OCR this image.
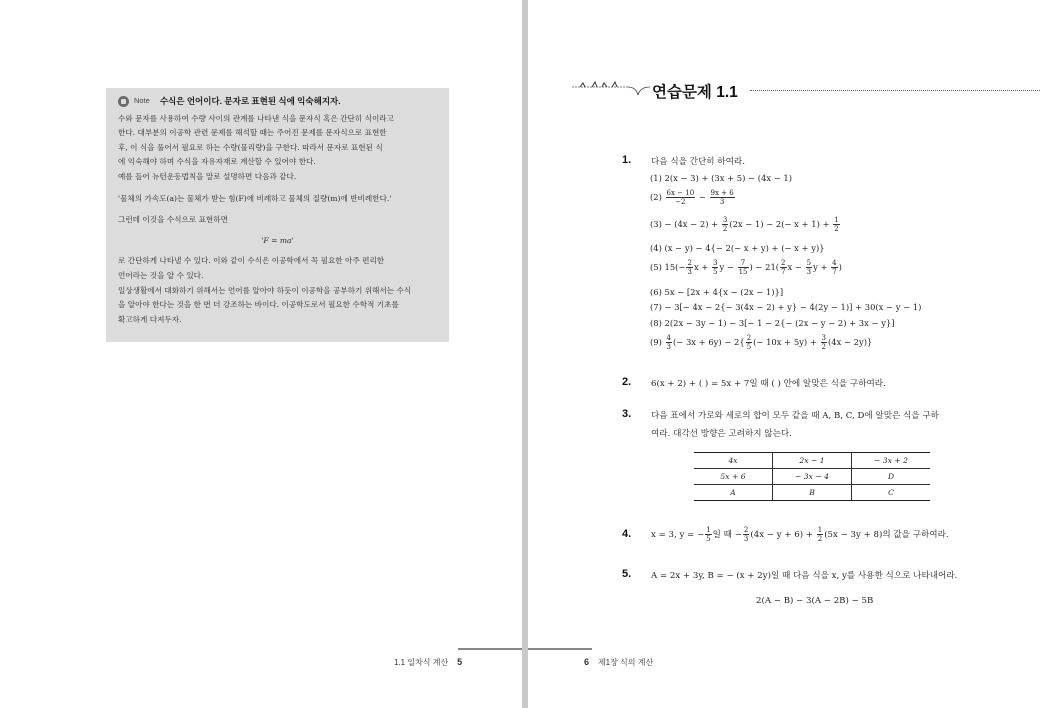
Note 수식은 언어이다. 문자로 표현된 식에 익숙해지자.

수와 문자를 사용하여 수량 사이의 관계를 나타낸 식을 문자식 혹은 간단히 식이라고

한다. 대부분의 이공학 관련 문제를 해석할 때는 주어진 문제를 문자식으로 표현한

후, 이 식을 풀어서 필요로 하는 수량(물리량)을 구한다. 따라서 문자로 표현된 식

에 익숙해야 하며 수식을 자유자재로 계산할 수 있어야 한다.

예를 들어 뉴턴운동법칙을 말로 설명하면 다음과 같다.

'물체의 가속도(a)는 물체가 받는 힘(F)에 비례하고 물체의 질량(m)에 반비례한다.'

그런데 이것을 수식으로 표현하면

'F = ma'

로 간단하게 나타낼 수 있다. 이와 같이 수식은 이공학에서 꼭 필요한 아주 편리한

언어라는 것을 알 수 있다.

일상생활에서 대화하기 위해서는 언어를 알아야 하듯이 이공학을 공부하기 위해서는 수식

을 알아야 한다는 것을 한 번 더 강조하는 바이다. 이공학도로서 필요한 수학적 기초를

확고하게 다져두자.

1.1 일차식 계산 5	6 제1장 식의 계산
연습문제 1.1
1. 다음 식을 간단히 하여라.
(1) 2(x − 3) + (3x + 5) − (4x − 1)
$(2) \frac{6x - 10}{-2} - \frac{9x + 6}{3}$
$(3) - (4x - 2) + \frac{3}{2} (2x - 1) - 2(- x + 1) + \frac{1}{2}$
(4) (x − y) − 4{− 2(− x + y) + (− x + y)}
(5) $15(- \frac{2}{3}$ $x + \frac{3}{5}$ $y - \frac{7}{15}$ ) − $21( \frac{2}{7}$ $x - \frac{5}{3}$ $y + \frac{4}{7}$ )
(6) 5x − [2x + 4{x − (2x − 1)}]
(7) − 3[− 4x − 2{− 3(4x − 2) + y} − 4(2y − 1)] + 30(x − y − 1)
(8) 2(2x − 3y − 1) − 3[− 1 − 2{− (2x − y − 2) + 3x − y}]
$(9) \frac{4}{3}$ (− $3x + 6y) - 2\{ \frac{2}{5}$ (− $10x + 5y) + \frac{3}{2} (4x - 2y)$}
2. 6(x + 2) + ( ) = 5x + 7일 때 ( ) 안에 알맞은 식을 구하여라.
3. 다음 표에서 가로와 세로의 합이 모두 같을 때 A, B, C, D에 알맞은 식을 구하
여라. 대각선 방향은 고려하지 않는다.
4x	2x − 1	− 3x + 2
5x + 6	− 3x − 4	D
A	B	C
4. x = 3, y = − $\frac{1}{5}$ 일 때 − $\frac{2}{3} (4x - y + 6) + \frac{1}{2} (5x - 3y + 8)$의 값을 구하여라.
5. A = 2x + 3y, B = − (x + 2y)일 때 다음 식을 x, y를 사용한 식으로 나타내어라.
2(A − B) − 3(A − 2B) − 5B
